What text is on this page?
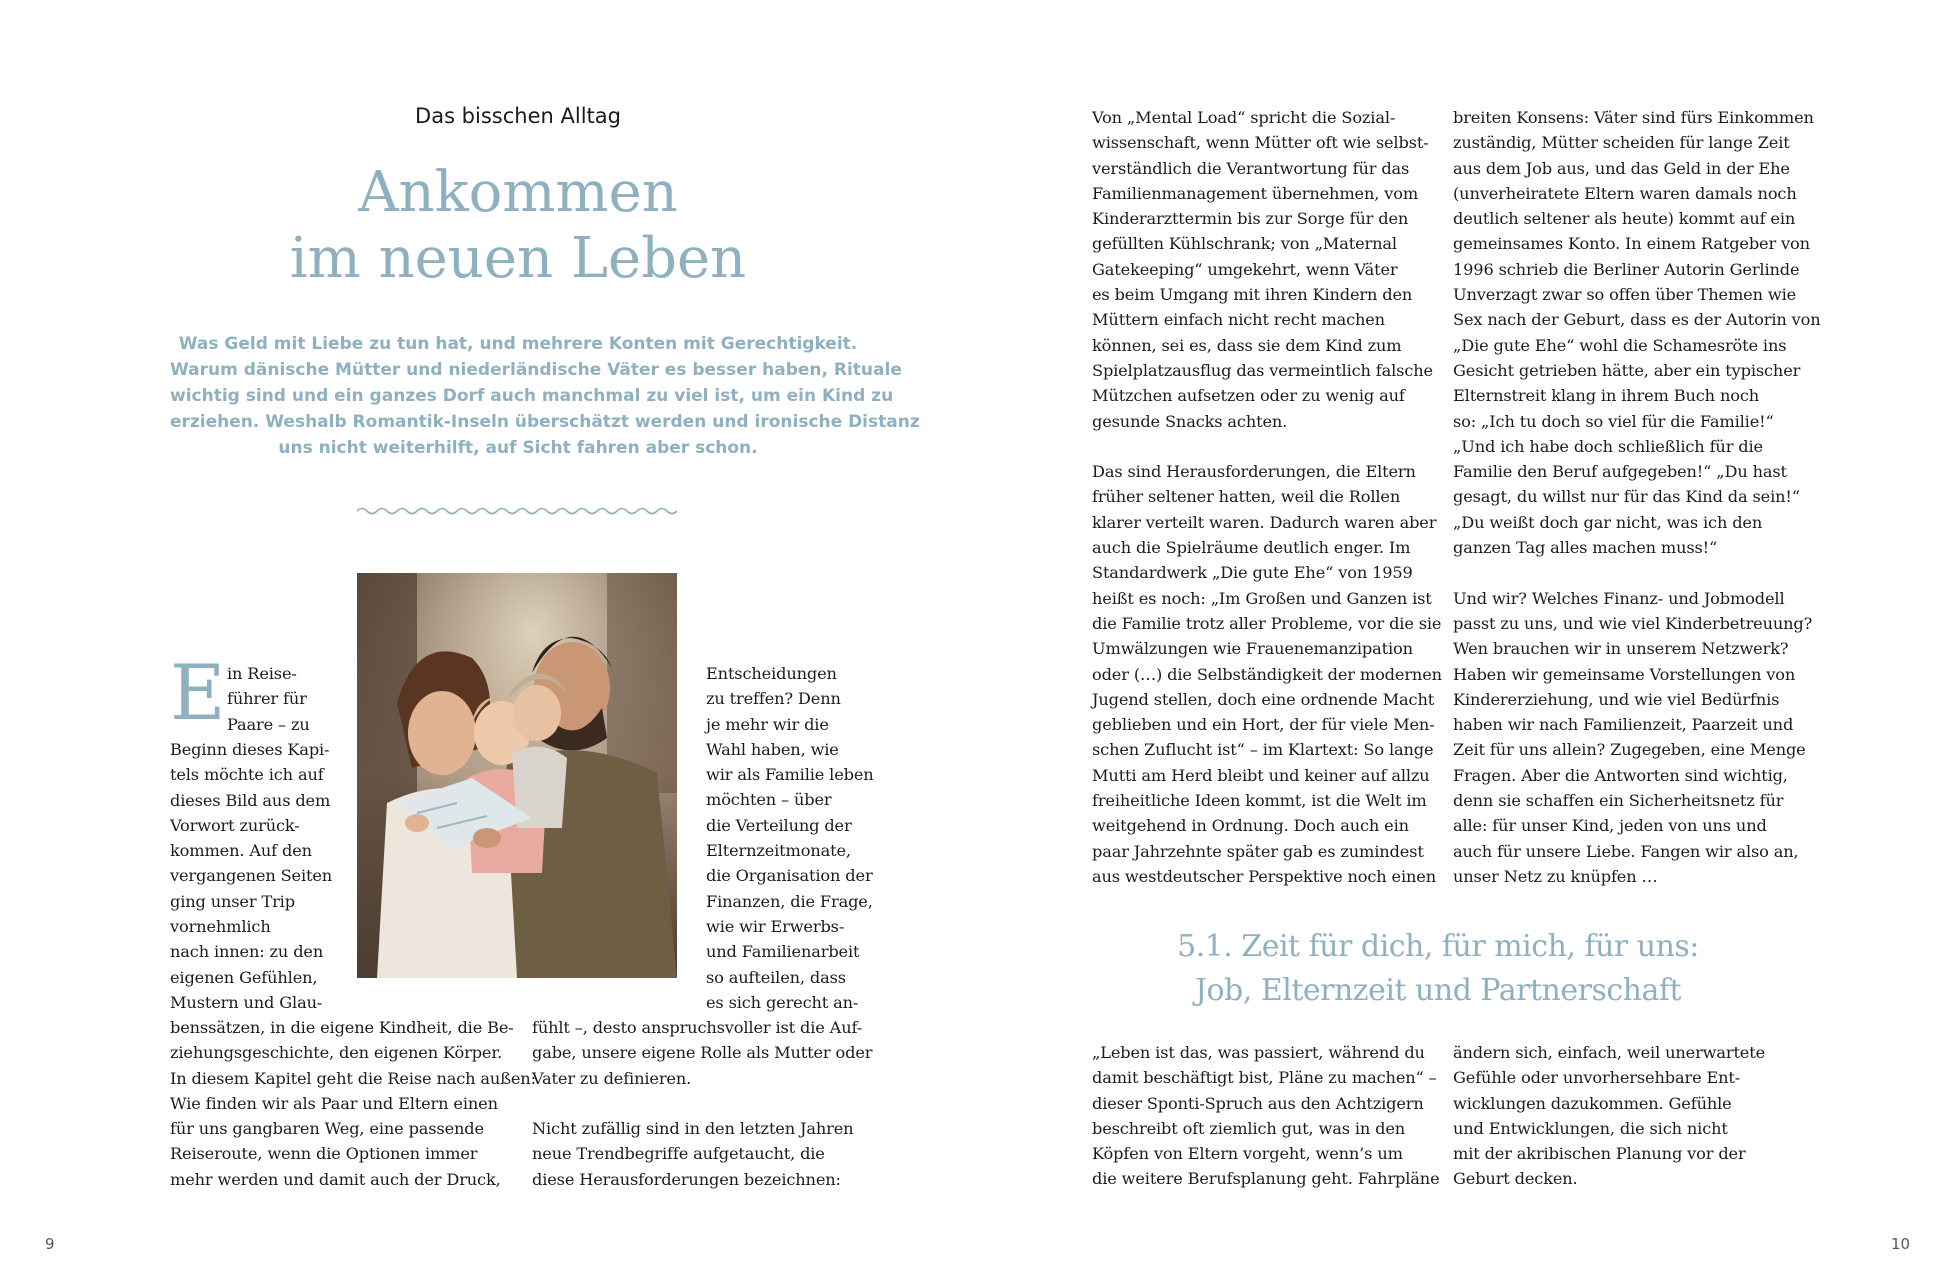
Das bisschen Alltag
Ankommen
im neuen Leben
Was Geld mit Liebe zu tun hat, und mehrere Konten mit Gerechtigkeit.
Warum dänische Mütter und niederländische Väter es besser haben, Rituale
wichtig sind und ein ganzes Dorf auch manchmal zu viel ist, um ein Kind zu
erziehen. Weshalb Romantik-Inseln überschätzt werden und ironische Distanz
uns nicht weiterhilft, auf Sicht fahren aber schon.
E in Reise-
führer für
Paare – zu
Beginn dieses Kapi-
tels möchte ich auf
dieses Bild aus dem
Vorwort zurück-
kommen. Auf den
vergangenen Seiten
ging unser Trip
vornehmlich
nach innen: zu den
eigenen Gefühlen,
Mustern und Glau-
benssätzen, in die eigene Kindheit, die Be-
ziehungsgeschichte, den eigenen Körper.
In diesem Kapitel geht die Reise nach außen:
Wie finden wir als Paar und Eltern einen
für uns gangbaren Weg, eine passende
Reiseroute, wenn die Optionen immer
mehr werden und damit auch der Druck,
Entscheidungen
zu treffen? Denn
je mehr wir die
Wahl haben, wie
wir als Familie leben
möchten – über
die Verteilung der
Elternzeitmonate,
die Organisation der
Finanzen, die Frage,
wie wir Erwerbs-
und Familienarbeit
so aufteilen, dass
es sich gerecht an-
fühlt –, desto anspruchsvoller ist die Auf-
gabe, unsere eigene Rolle als Mutter oder
Vater zu definieren.
Nicht zufällig sind in den letzten Jahren
neue Trendbegriffe aufgetaucht, die
diese Herausforderungen bezeichnen:
9
Von „Mental Load“ spricht die Sozial-
wissenschaft, wenn Mütter oft wie selbst-
verständlich die Verantwortung für das
Familienmanagement übernehmen, vom
Kinderarzttermin bis zur Sorge für den
gefüllten Kühlschrank; von „Maternal
Gatekeeping“ umgekehrt, wenn Väter
es beim Umgang mit ihren Kindern den
Müttern einfach nicht recht machen
können, sei es, dass sie dem Kind zum
Spielplatzausflug das vermeintlich falsche
Mützchen aufsetzen oder zu wenig auf
gesunde Snacks achten.
Das sind Herausforderungen, die Eltern
früher seltener hatten, weil die Rollen
klarer verteilt waren. Dadurch waren aber
auch die Spielräume deutlich enger. Im
Standardwerk „Die gute Ehe“ von 1959
heißt es noch: „Im Großen und Ganzen ist
die Familie trotz aller Probleme, vor die sie
Umwälzungen wie Frauenemanzipation
oder (…) die Selbständigkeit der modernen
Jugend stellen, doch eine ordnende Macht
geblieben und ein Hort, der für viele Men-
schen Zuflucht ist“ – im Klartext: So lange
Mutti am Herd bleibt und keiner auf allzu
freiheitliche Ideen kommt, ist die Welt im
weitgehend in Ordnung. Doch auch ein
paar Jahrzehnte später gab es zumindest
aus westdeutscher Perspektive noch einen
breiten Konsens: Väter sind fürs Einkommen
zuständig, Mütter scheiden für lange Zeit
aus dem Job aus, und das Geld in der Ehe
(unverheiratete Eltern waren damals noch
deutlich seltener als heute) kommt auf ein
gemeinsames Konto. In einem Ratgeber von
1996 schrieb die Berliner Autorin Gerlinde
Unverzagt zwar so offen über Themen wie
Sex nach der Geburt, dass es der Autorin von
„Die gute Ehe“ wohl die Schamesröte ins
Gesicht getrieben hätte, aber ein typischer
Elternstreit klang in ihrem Buch noch
so: „Ich tu doch so viel für die Familie!“
„Und ich habe doch schließlich für die
Familie den Beruf aufgegeben!“ „Du hast
gesagt, du willst nur für das Kind da sein!“
„Du weißt doch gar nicht, was ich den
ganzen Tag alles machen muss!“
Und wir? Welches Finanz- und Jobmodell
passt zu uns, und wie viel Kinderbetreuung?
Wen brauchen wir in unserem Netzwerk?
Haben wir gemeinsame Vorstellungen von
Kindererziehung, und wie viel Bedürfnis
haben wir nach Familienzeit, Paarzeit und
Zeit für uns allein? Zugegeben, eine Menge
Fragen. Aber die Antworten sind wichtig,
denn sie schaffen ein Sicherheitsnetz für
alle: für unser Kind, jeden von uns und
auch für unsere Liebe. Fangen wir also an,
unser Netz zu knüpfen …
5.1. Zeit für dich, für mich, für uns:
Job, Elternzeit und Partnerschaft
„Leben ist das, was passiert, während du
damit beschäftigt bist, Pläne zu machen“ –
dieser Sponti-Spruch aus den Achtzigern
beschreibt oft ziemlich gut, was in den
Köpfen von Eltern vorgeht, wenn’s um
die weitere Berufsplanung geht. Fahrpläne
ändern sich, einfach, weil unerwartete
Gefühle oder unvorhersehbare Ent-
wicklungen dazukommen. Gefühle
und Entwicklungen, die sich nicht
mit der akribischen Planung vor der
Geburt decken.
10
